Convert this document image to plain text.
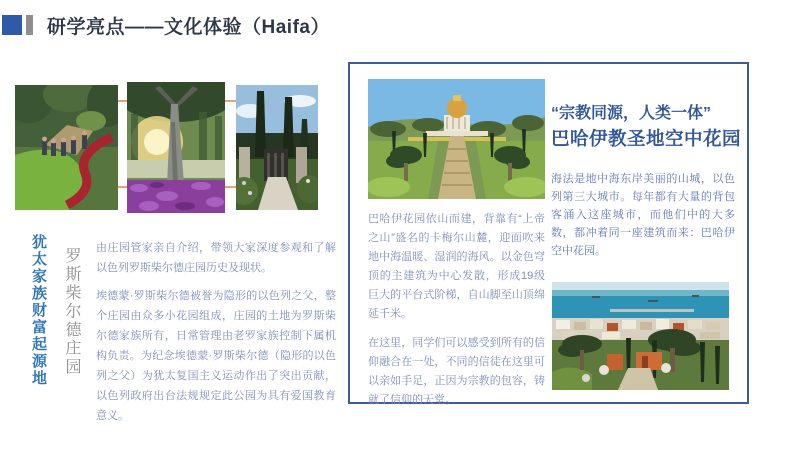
研学亮点——文化体验（Haifa）
犹太家族财富起源地 罗斯柴尔德庄园 由庄园管家亲自介绍，带领大家深度参观和了解以色列罗斯柴尔德庄园历史及现状。

埃德蒙·罗斯柴尔德被誉为隐形的以色列之父，整个庄园由众多小花园组成，庄园的土地为罗斯柴尔德家族所有，日常管理由老罗家族控制下属机构负责。为纪念埃德蒙·罗斯柴尔德（隐形的以色列之父）为犹太复国主义运动作出了突出贡献，以色列政府出台法规规定此公园为具有爱国教育意义。

“宗教同源，人类一体”
巴哈伊教圣地空中花园
海法是地中海东岸美丽的山城，以色列第三大城市。每年都有大量的背包客涌入这座城市，而他们中的大多数，都冲着同一座建筑而来：巴哈伊空中花园。

巴哈伊花园依山而建，背靠有“上帝之山”盛名的卡梅尔山麓，迎面吹来地中海温暖、湿润的海风。以金色穹顶的主建筑为中心发散，形成19级巨大的平台式阶梯，自山脚至山顶绵延千米。

在这里，同学们可以感受到所有的信仰融合在一处，不同的信徒在这里可以亲如手足，正因为宗教的包容，铸就了信仰的天堂。
